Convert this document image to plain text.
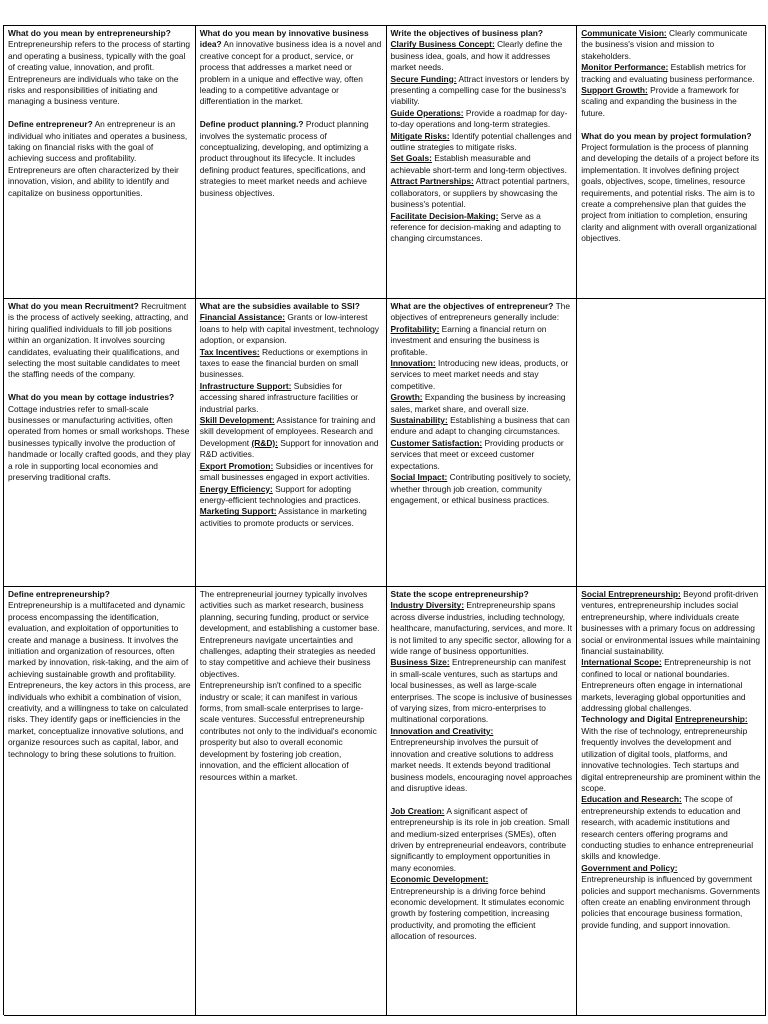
What do you mean by entrepreneurship? Entrepreneurship refers to the process of starting and operating a business, typically with the goal of creating value, innovation, and profit. Entrepreneurs are individuals who take on the risks and responsibilities of initiating and managing a business venture.

Define entrepreneur? An entrepreneur is an individual who initiates and operates a business, taking on financial risks with the goal of achieving success and profitability. Entrepreneurs are often characterized by their innovation, vision, and ability to identify and capitalize on business opportunities.

What do you mean by innovative business idea? An innovative business idea is a novel and creative concept for a product, service, or process that addresses a market need or problem in a unique and effective way, often leading to a competitive advantage or differentiation in the market.

Define product planning.? Product planning involves the systematic process of conceptualizing, developing, and optimizing a product throughout its lifecycle. It includes defining product features, specifications, and strategies to meet market needs and achieve business objectives.

Write the objectives of business plan?

Clarify Business Concept: Clearly define the business idea, goals, and how it addresses market needs.

Secure Funding: Attract investors or lenders by presenting a compelling case for the business's viability.

Guide Operations: Provide a roadmap for day-to-day operations and long-term strategies.

Mitigate Risks: Identify potential challenges and outline strategies to mitigate risks.

Set Goals: Establish measurable and achievable short-term and long-term objectives.

Attract Partnerships: Attract potential partners, collaborators, or suppliers by showcasing the business's potential.

Facilitate Decision-Making: Serve as a reference for decision-making and adapting to changing circumstances.

Communicate Vision: Clearly communicate the business's vision and mission to stakeholders.

Monitor Performance: Establish metrics for tracking and evaluating business performance.

Support Growth: Provide a framework for scaling and expanding the business in the future.

What do you mean by project formulation? Project formulation is the process of planning and developing the details of a project before its implementation. It involves defining project goals, objectives, scope, timelines, resource requirements, and potential risks. The aim is to create a comprehensive plan that guides the project from initiation to completion, ensuring clarity and alignment with overall organizational objectives.

What do you mean Recruitment? Recruitment is the process of actively seeking, attracting, and hiring qualified individuals to fill job positions within an organization. It involves sourcing candidates, evaluating their qualifications, and selecting the most suitable candidates to meet the staffing needs of the company.

What do you mean by cottage industries?

Cottage industries refer to small-scale businesses or manufacturing activities, often operated from homes or small workshops. These businesses typically involve the production of handmade or locally crafted goods, and they play a role in supporting local economies and preserving traditional crafts.

What are the subsidies available to SSI?

Financial Assistance: Grants or low-interest loans to help with capital investment, technology adoption, or expansion.

Tax Incentives: Reductions or exemptions in taxes to ease the financial burden on small businesses.

Infrastructure Support: Subsidies for accessing shared infrastructure facilities or industrial parks.

Skill Development: Assistance for training and skill development of employees. Research and Development (R&D): Support for innovation and R&D activities.

Export Promotion: Subsidies or incentives for small businesses engaged in export activities.

Energy Efficiency: Support for adopting energy-efficient technologies and practices.

Marketing Support: Assistance in marketing activities to promote products or services.

What are the objectives of entrepreneur? The objectives of entrepreneurs generally include:

Profitability: Earning a financial return on investment and ensuring the business is profitable.

Innovation: Introducing new ideas, products, or services to meet market needs and stay competitive.

Growth: Expanding the business by increasing sales, market share, and overall size.

Sustainability: Establishing a business that can endure and adapt to changing circumstances.

Customer Satisfaction: Providing products or services that meet or exceed customer expectations.

Social Impact: Contributing positively to society, whether through job creation, community engagement, or ethical business practices.

Define entrepreneurship?

Entrepreneurship is a multifaceted and dynamic process encompassing the identification, evaluation, and exploitation of opportunities to create and manage a business. It involves the initiation and organization of resources, often marked by innovation, risk-taking, and the aim of achieving sustainable growth and profitability.

Entrepreneurs, the key actors in this process, are individuals who exhibit a combination of vision, creativity, and a willingness to take on calculated risks. They identify gaps or inefficiencies in the market, conceptualize innovative solutions, and organize resources such as capital, labor, and technology to bring these solutions to fruition.

The entrepreneurial journey typically involves activities such as market research, business planning, securing funding, product or service development, and establishing a customer base. Entrepreneurs navigate uncertainties and challenges, adapting their strategies as needed to stay competitive and achieve their business objectives.

Entrepreneurship isn't confined to a specific industry or scale; it can manifest in various forms, from small-scale enterprises to large-scale ventures. Successful entrepreneurship contributes not only to the individual's economic prosperity but also to overall economic development by fostering job creation, innovation, and the efficient allocation of resources within a market.

State the scope entrepreneurship?

Industry Diversity: Entrepreneurship spans across diverse industries, including technology, healthcare, manufacturing, services, and more. It is not limited to any specific sector, allowing for a wide range of business opportunities.

Business Size: Entrepreneurship can manifest in small-scale ventures, such as startups and local businesses, as well as large-scale enterprises. The scope is inclusive of businesses of varying sizes, from micro-enterprises to multinational corporations.

Innovation and Creativity:

Entrepreneurship involves the pursuit of innovation and creative solutions to address market needs. It extends beyond traditional business models, encouraging novel approaches and disruptive ideas.

Job Creation: A significant aspect of entrepreneurship is its role in job creation. Small and medium-sized enterprises (SMEs), often driven by entrepreneurial endeavors, contribute significantly to employment opportunities in many economies.

Economic Development:

Entrepreneurship is a driving force behind economic development. It stimulates economic growth by fostering competition, increasing productivity, and promoting the efficient allocation of resources.

Social Entrepreneurship: Beyond profit-driven ventures, entrepreneurship includes social entrepreneurship, where individuals create businesses with a primary focus on addressing social or environmental issues while maintaining financial sustainability.

International Scope: Entrepreneurship is not confined to local or national boundaries. Entrepreneurs often engage in international markets, leveraging global opportunities and addressing global challenges.

Technology and Digital Entrepreneurship: With the rise of technology, entrepreneurship frequently involves the development and utilization of digital tools, platforms, and innovative technologies. Tech startups and digital entrepreneurship are prominent within the scope.

Education and Research: The scope of entrepreneurship extends to education and research, with academic institutions and research centers offering programs and conducting studies to enhance entrepreneurial skills and knowledge.

Government and Policy:

Entrepreneurship is influenced by government policies and support mechanisms. Governments often create an enabling environment through policies that encourage business formation, provide funding, and support innovation.
